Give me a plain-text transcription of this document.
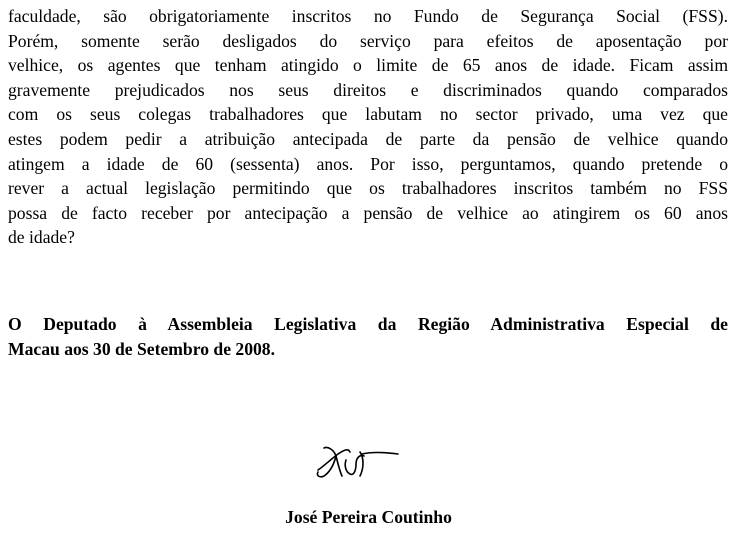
faculdade, são obrigatoriamente inscritos no Fundo de Segurança Social (FSS).
Porém, somente serão desligados do serviço para efeitos de aposentação por
velhice, os agentes que tenham atingido o limite de 65 anos de idade. Ficam assim
gravemente prejudicados nos seus direitos e discriminados quando comparados
com os seus colegas trabalhadores que labutam no sector privado, uma vez que
estes podem pedir a atribuição antecipada de parte da pensão de velhice quando
atingem a idade de 60 (sessenta) anos. Por isso, perguntamos, quando pretende o
rever a actual legislação permitindo que os trabalhadores inscritos também no FSS
possa de facto receber por antecipação a pensão de velhice ao atingirem os 60 anos
de idade?
O Deputado à Assembleia Legislativa da Região Administrativa Especial de
Macau aos 30 de Setembro de 2008.
José Pereira Coutinho
